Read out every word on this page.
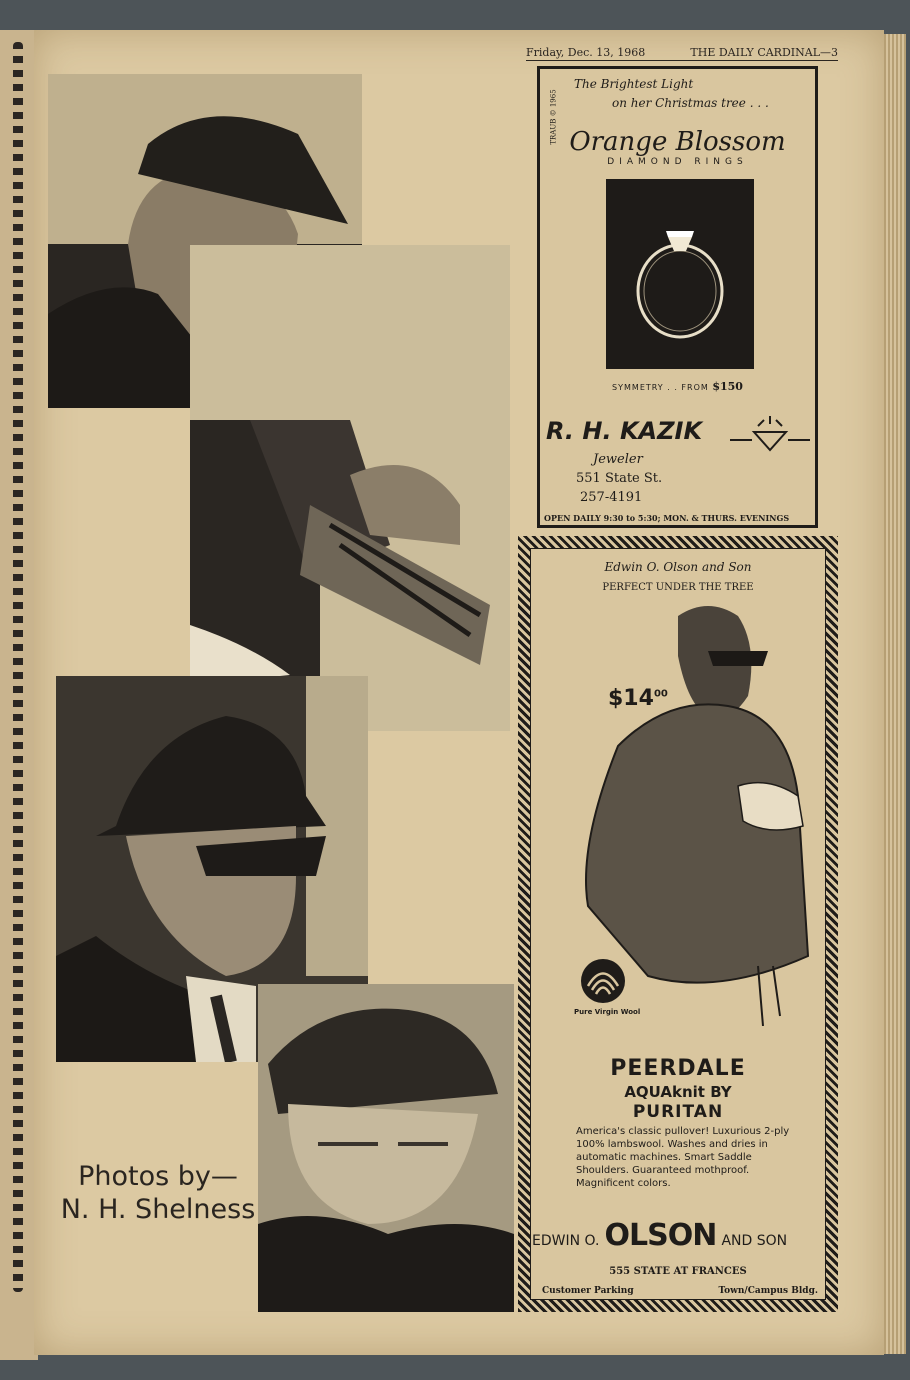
Friday, Dec. 13, 1968	THE DAILY CARDINAL—3
Photos by—
N. H. Shelness
The Brightest Light
on her Christmas tree . . .
TRAUB © 1965 Orange Blossom
DIAMOND RINGS
SYMMETRY . . FROM $150
R. H. KAZIK
Jeweler
551 State St.
257-4191
OPEN DAILY 9:30 to 5:30; MON. & THURS. EVENINGS
Edwin O. Olson and Son
PERFECT UNDER THE TREE
$\$14^{00}$
Pure Virgin Wool
PEERDALE
AQUAknit BY
PURITAN
America's classic pullover! Luxurious 2-ply 100% lambswool. Washes and dries in automatic machines. Smart Saddle Shoulders. Guaranteed mothproof. Magnificent colors.
EDWIN O. OLSON AND SON
555 STATE AT FRANCES
Customer Parking	Town/Campus Bldg.
